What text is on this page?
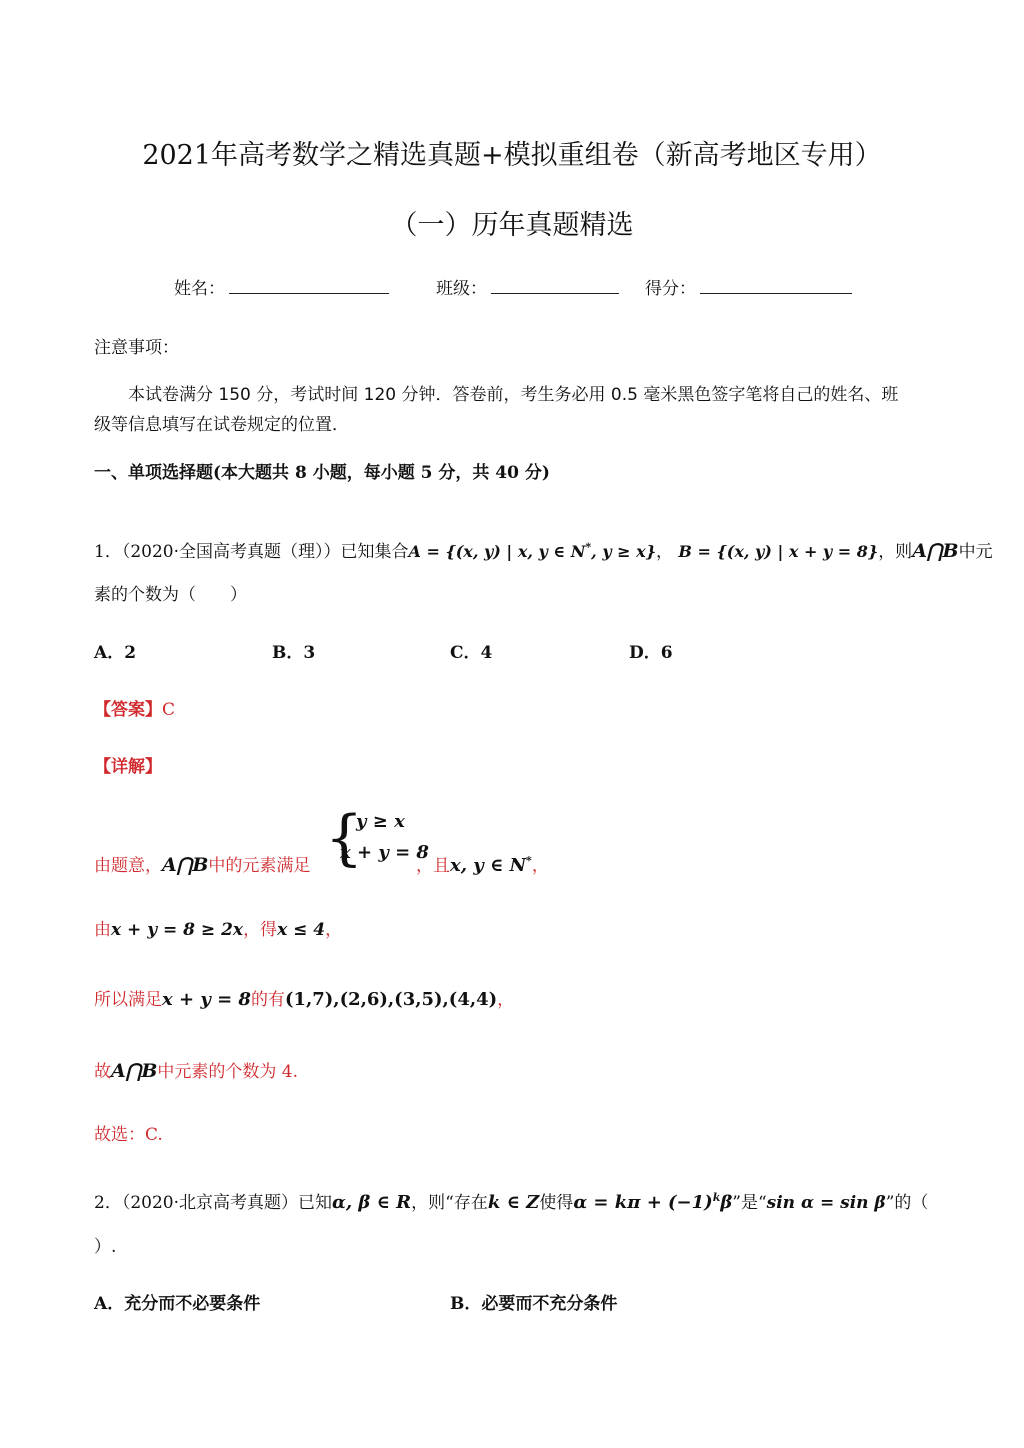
2021年高考数学之精选真题+模拟重组卷（新高考地区专用）
（一）历年真题精选
姓名：	班级：	得分：
注意事项：
本试卷满分 150 分，考试时间 120 分钟．答卷前，考生务必用 0.5 毫米黑色签字笔将自己的姓名、班
级等信息填写在试卷规定的位置．
一、单项选择题(本大题共 8 小题，每小题 5 分，共 40 分)
1．（2020·全国高考真题（理））已知集合A = {(x, y) | x, y ∈ N*, y ≥ x}， B = {(x, y) | x + y = 8}，则A⋂B中元
素的个数为（　　）
A．2	B．3	C．4	D．6
【答案】C
【详解】
由题意，A⋂B中的元素满足 {
y ≥ x
x + y = 8
，且x, y ∈ N*，
由x + y = 8 ≥ 2x，得x ≤ 4，
所以满足x + y = 8的有(1,7),(2,6),(3,5),(4,4)，
故A⋂B中元素的个数为 4.
故选：C.
2．（2020·北京高考真题）已知α, β ∈ R，则“存在k ∈ Z使得$\alpha = k\pi + (-1)^k\beta$”是“sin α = sin β”的（
）.
A．充分而不必要条件	B．必要而不充分条件
